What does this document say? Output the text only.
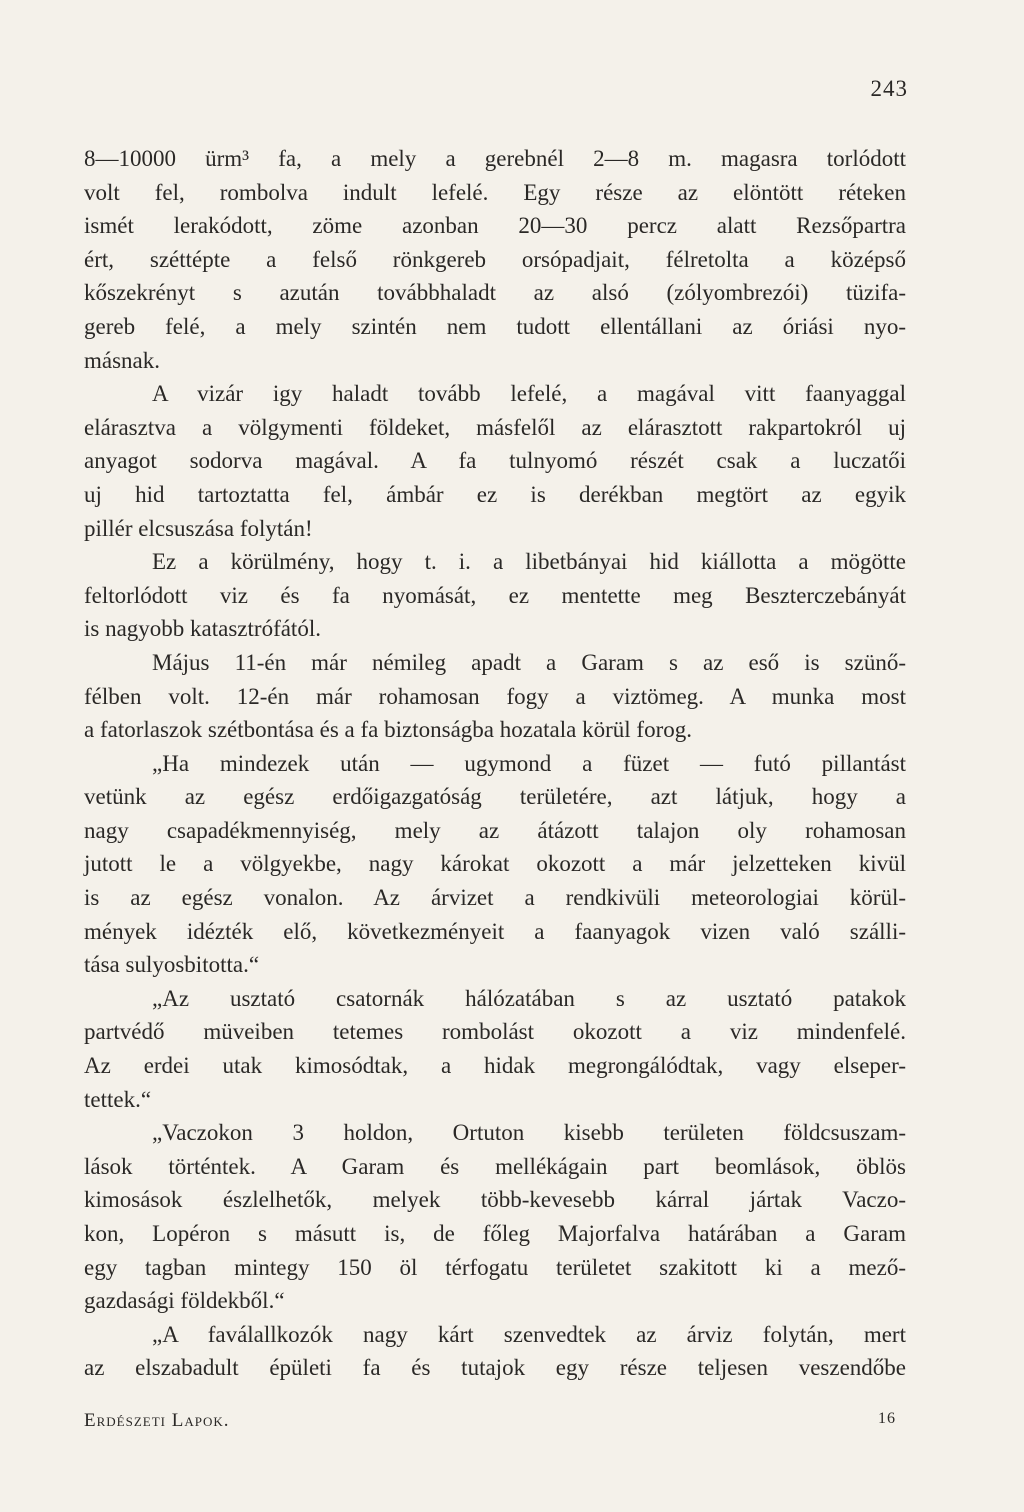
243
8—10000 ürm³ fa, a mely a gerebnél 2—8 m. magasra torlódott
volt fel, rombolva indult lefelé. Egy része az elöntött réteken
ismét lerakódott, zöme azonban 20—30 percz alatt Rezsőpartra
ért, széttépte a felső rönkgereb orsópadjait, félretolta a középső
kőszekrényt s azután továbbhaladt az alsó (zólyombrezói) tüzifa-
gereb felé, a mely szintén nem tudott ellentállani az óriási nyo-
másnak.
A vizár igy haladt tovább lefelé, a magával vitt faanyaggal
elárasztva a völgymenti földeket, másfelől az elárasztott rakpartokról uj
anyagot sodorva magával. A fa tulnyomó részét csak a luczatői
uj hid tartoztatta fel, ámbár ez is derékban megtört az egyik
pillér elcsuszása folytán!
Ez a körülmény, hogy t. i. a libetbányai hid kiállotta a mögötte
feltorlódott viz és fa nyomását, ez mentette meg Beszterczebányát
is nagyobb katasztrófától.
Május 11-én már némileg apadt a Garam s az eső is szünő-
félben volt. 12-én már rohamosan fogy a viztömeg. A munka most
a fatorlaszok szétbontása és a fa biztonságba hozatala körül forog.
„Ha mindezek után — ugymond a füzet — futó pillantást
vetünk az egész erdőigazgatóság területére, azt látjuk, hogy a
nagy csapadékmennyiség, mely az átázott talajon oly rohamosan
jutott le a völgyekbe, nagy károkat okozott a már jelzetteken kivül
is az egész vonalon. Az árvizet a rendkivüli meteorologiai körül-
mények idézték elő, következményeit a faanyagok vizen való szálli-
tása sulyosbitotta.“
„Az usztató csatornák hálózatában s az usztató patakok
partvédő müveiben tetemes rombolást okozott a viz mindenfelé.
Az erdei utak kimosódtak, a hidak megrongálódtak, vagy elseper-
tettek.“
„Vaczokon 3 holdon, Ortuton kisebb területen földcsuszam-
lások történtek. A Garam és mellékágain part beomlások, öblös
kimosások észlelhetők, melyek több-kevesebb kárral jártak Vaczo-
kon, Lopéron s másutt is, de főleg Majorfalva határában a Garam
egy tagban mintegy 150 öl térfogatu területet szakitott ki a mező-
gazdasági földekből.“
„A faválallkozók nagy kárt szenvedtek az árviz folytán, mert
az elszabadult épületi fa és tutajok egy része teljesen veszendőbe
Erdészeti Lapok.	16
